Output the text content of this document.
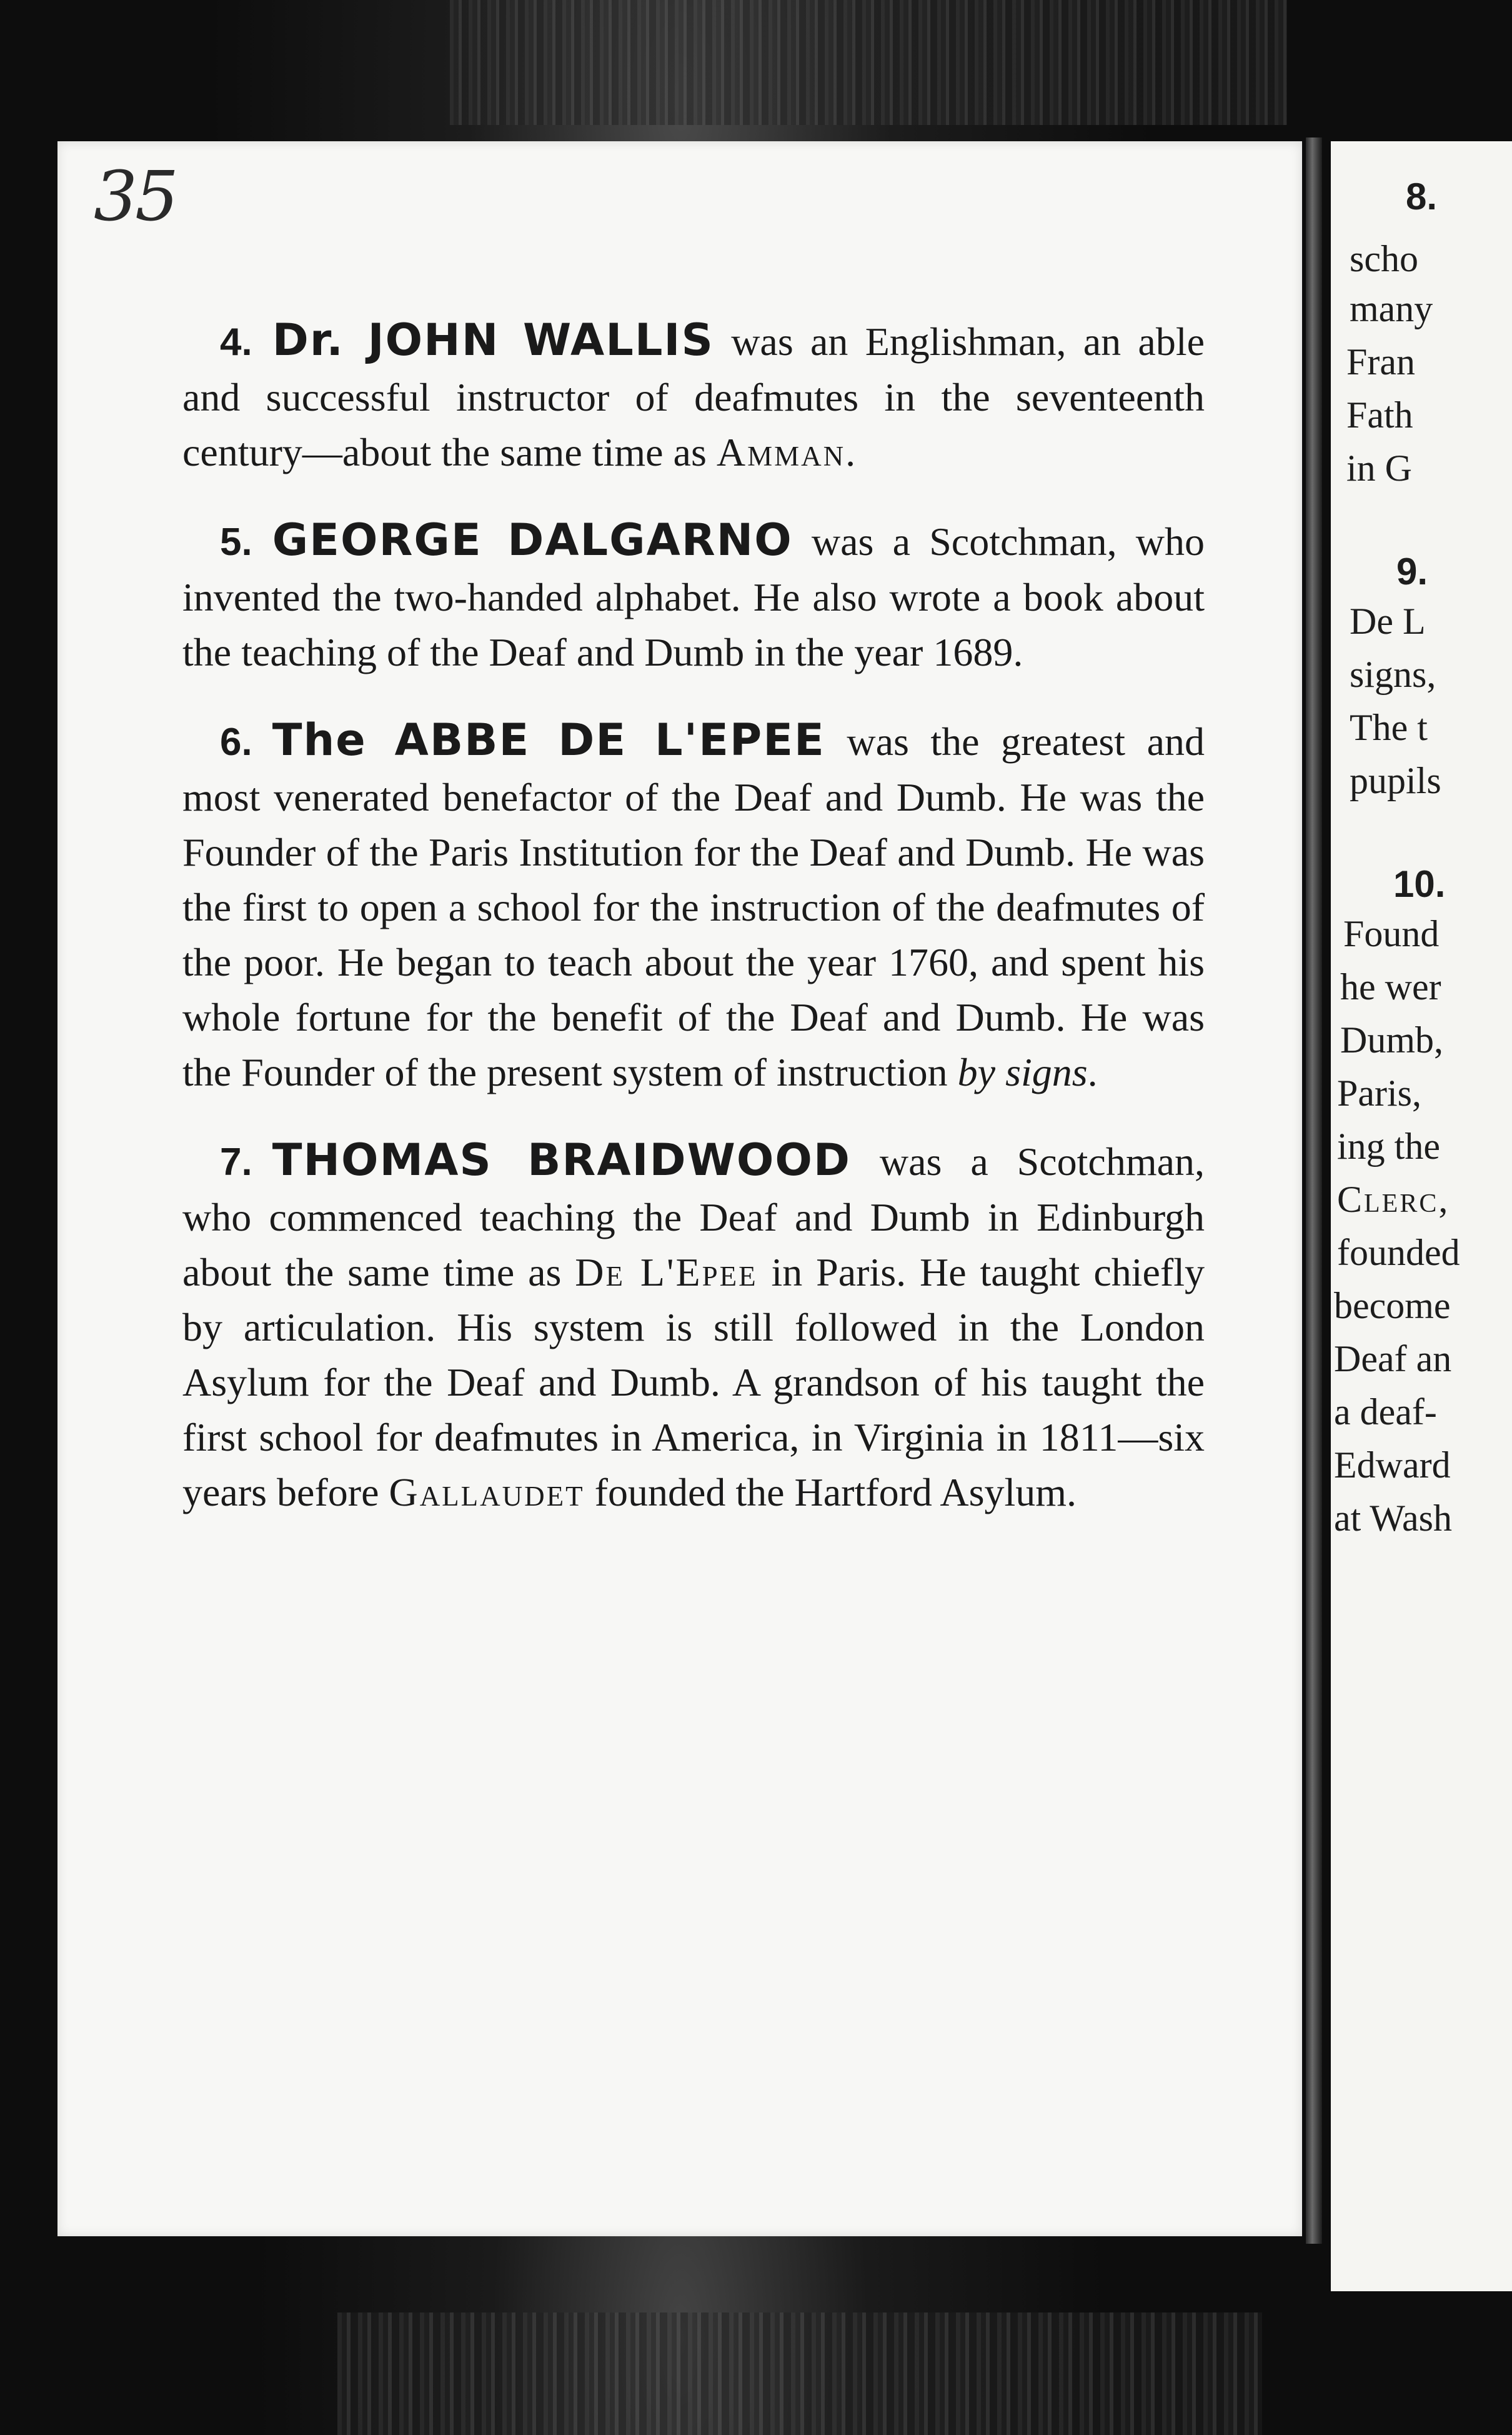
35

4. Dr. JOHN WALLIS was an Englishman, an able and successful instructor of deafmutes in the seventeenth century—about the same time as Amman.

5. GEORGE DALGARNO was a Scotchman, who invented the two-handed alphabet. He also wrote a book about the teaching of the Deaf and Dumb in the year 1689.

6. The ABBE DE L'EPEE was the greatest and most venerated benefactor of the Deaf and Dumb. He was the Founder of the Paris Institution for the Deaf and Dumb. He was the first to open a school for the instruction of the deafmutes of the poor. He began to teach about the year 1760, and spent his whole fortune for the benefit of the Deaf and Dumb. He was the Founder of the present system of instruction by signs.

7. THOMAS BRAIDWOOD was a Scotchman, who commenced teaching the Deaf and Dumb in Edinburgh about the same time as De L'Epee in Paris. He taught chiefly by articulation. His system is still followed in the London Asylum for the Deaf and Dumb. A grandson of his taught the first school for deafmutes in America, in Virginia in 1811—six years before Gallaudet founded the Hartford Asylum.

8.
scho
many
Fran
Fath
in G
9.
De L
signs,
The t
pupils
10.
Found
he wer
Dumb,
Paris,
ing the
Clerc,
founded
become
Deaf an
a deaf-
Edward
at Wash
